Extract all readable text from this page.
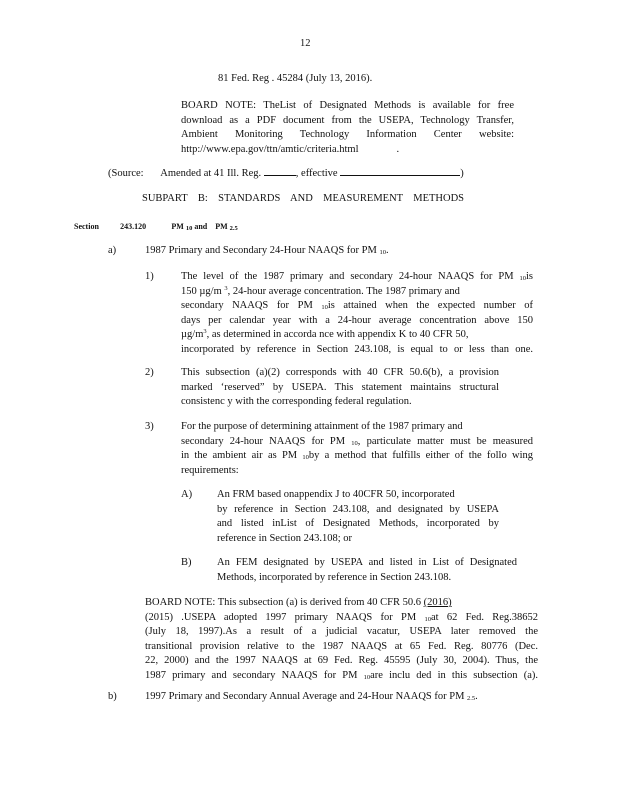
12
81 Fed. Reg . 45284 (July 13, 2016).
BOARD NOTE: TheList of Designated Methods is available for free
download as a PDF document from the USEPA, Technology Transfer,
Ambient Monitoring Technology Information Center website:
http://www.epa.gov/ttn/amtic/criteria.html	.
(Source: Amended at 41 Ill. Reg.	, effective	)
SUBPART B: STANDARDS AND MEASUREMENT METHODS
Section	243.120	PM $_{10}$ and PM $_{2.5}$
a)	1987 Primary and Secondary 24-Hour NAAQS for PM $_{10}$.
1)	The level of the 1987 primary and secondary 24-hour NAAQS for PM $_{10}$is
150 µg/m $^3$, 24-hour average concentration. The 1987 primary and
secondary NAAQS for PM $_{10}$is attained when the expected number of
days per calendar year with a 24-hour average concentration above 150
$\mu g/m^3$, as determined in accorda nce with appendix K to 40 CFR 50,
incorporated by reference in Section 243.108, is equal to or less than one.
2)	This subsection (a)(2) corresponds with 40 CFR 50.6(b), a provision
marked ‘reserved” by USEPA. This statement maintains structural
consistenc y with the corresponding federal regulation.
3)	For the purpose of determining attainment of the 1987 primary and
secondary 24-hour NAAQS for PM $_{10}$, particulate matter must be measured
in the ambient air as PM $_{10}$by a method that fulfills either of the follo wing
requirements:
A) An FRM based onappendix J to 40CFR 50, incorporated
by reference in Section 243.108, and designated by USEPA
and listed inList of Designated Methods, incorporated by
reference in Section 243.108; or
B) An FEM designated by USEPA and listed in List of Designated
Methods, incorporated by reference in Section 243.108.
BOARD NOTE: This subsection (a) is derived from 40 CFR 50.6 (2016)
(2015) .USEPA adopted 1997 primary NAAQS for PM $_{10}$at 62 Fed. Reg.38652
(July 18, 1997).As a result of a judicial vacatur, USEPA later removed the
transitional provision relative to the 1987 NAAQS at 65 Fed. Reg. 80776 (Dec.
22, 2000) and the 1997 NAAQS at 69 Fed. Reg. 45595 (July 30, 2004). Thus, the
1987 primary and secondary NAAQS for PM $_{10}$are inclu ded in this subsection (a).
b)	1997 Primary and Secondary Annual Average and 24-Hour NAAQS for PM $_{2.5}$.
